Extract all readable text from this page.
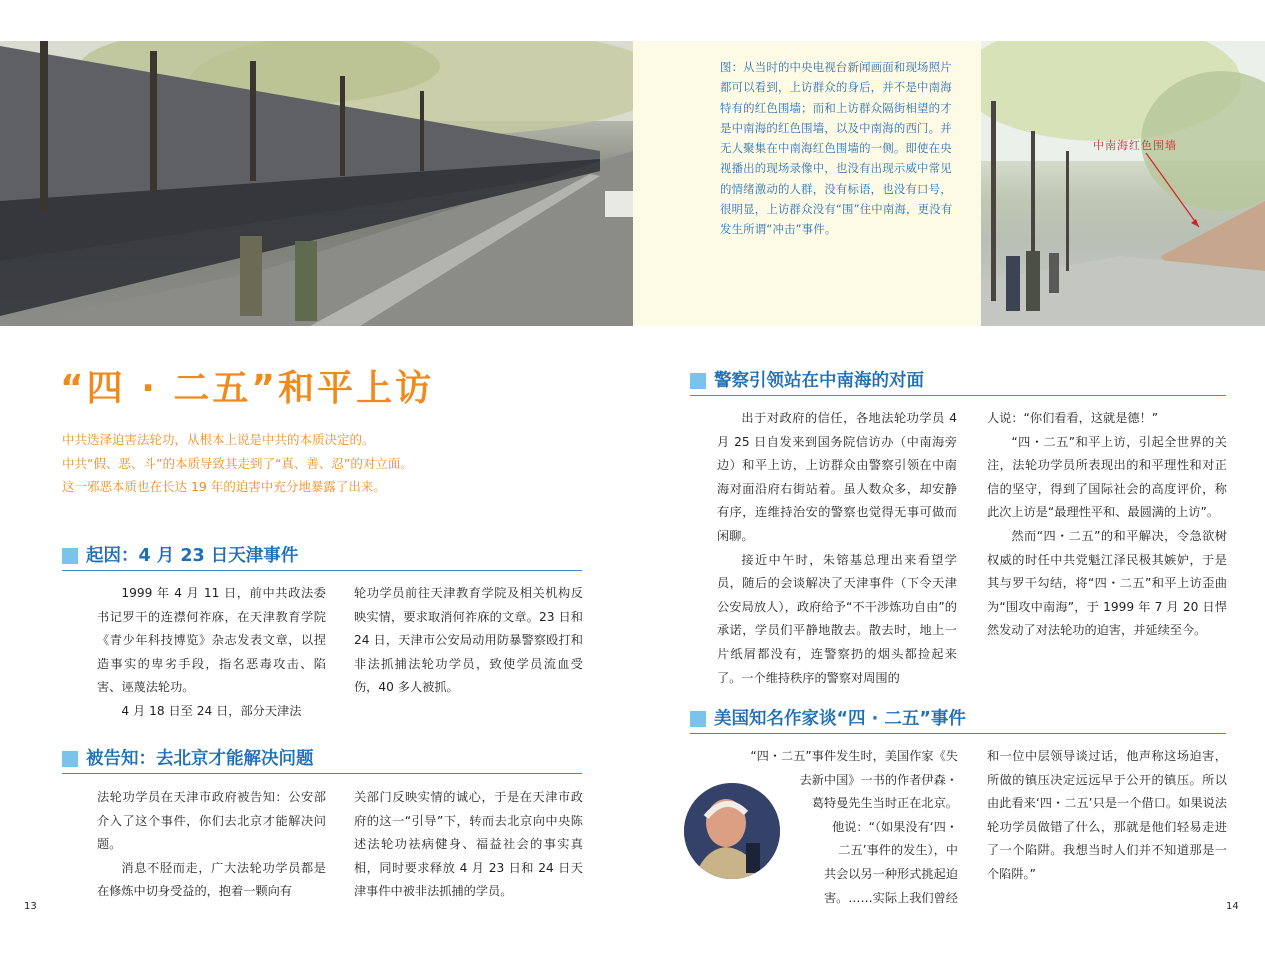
图：从当时的中央电视台新闻画面和现场照片都可以看到，上访群众的身后，并不是中南海特有的红色围墙；而和上访群众隔街相望的才是中南海的红色围墙，以及中南海的西门。并无人聚集在中南海红色围墙的一侧。即使在央视播出的现场录像中，也没有出现示威中常见的情绪激动的人群，没有标语，也没有口号，很明显，上访群众没有“围”住中南海，更没有发生所谓“冲击”事件。
中南海红色围墙
“四 · 二五”和平上访
中共迭泽迫害法轮功，从根本上说是中共的本质决定的。
中共“假、恶、斗”的本质导致其走到了“真、善、忍”的对立面。
这一邪恶本质也在长达 19 年的迫害中充分地暴露了出来。
起因：4 月 23 日天津事件

1999 年 4 月 11 日，前中共政法委书记罗干的连襟何祚庥，在天津教育学院《青少年科技博览》杂志发表文章，以捏造事实的卑劣手段，指名恶毒攻击、陷害、诬蔑法轮功。

4 月 18 日至 24 日，部分天津法

轮功学员前往天津教育学院及相关机构反映实情，要求取消何祚庥的文章。23 日和 24 日，天津市公安局动用防暴警察殴打和非法抓捕法轮功学员，致使学员流血受伤，40 多人被抓。

被告知：去北京才能解决问题

法轮功学员在天津市政府被告知：公安部介入了这个事件，你们去北京才能解决问题。

消息不胫而走，广大法轮功学员都是在修炼中切身受益的，抱着一颗向有

关部门反映实情的诚心，于是在天津市政府的这一“引导”下，转而去北京向中央陈述法轮功祛病健身、福益社会的事实真相，同时要求释放 4 月 23 日和 24 日天津事件中被非法抓捕的学员。

13
警察引领站在中南海的对面

出于对政府的信任，各地法轮功学员 4 月 25 日自发来到国务院信访办（中南海旁边）和平上访，上访群众由警察引领在中南海对面沿府右街站着。虽人数众多，却安静有序，连维持治安的警察也觉得无事可做而闲聊。

接近中午时，朱镕基总理出来看望学员，随后的会谈解决了天津事件（下令天津公安局放人），政府给予“不干涉炼功自由”的承诺，学员们平静地散去。散去时，地上一片纸屑都没有，连警察扔的烟头都捡起来了。一个维持秩序的警察对周围的

人说：“你们看看，这就是德！”

“四・二五”和平上访，引起全世界的关注，法轮功学员所表现出的和平理性和对正信的坚守，得到了国际社会的高度评价，称此次上访是“最理性平和、最圆满的上访”。

然而“四・二五”的和平解决，令急欲树权威的时任中共党魁江泽民极其嫉妒，于是其与罗干勾结，将“四・二五”和平上访歪曲为“围攻中南海”，于 1999 年 7 月 20 日悍然发动了对法轮功的迫害，并延续至今。

美国知名作家谈“四 · 二五”事件
“四・二五”事件发生时，美国作家《失
去新中国》一书的作者伊森・
葛特曼先生当时正在北京。
他说：“（如果没有‘四・
二五’事件的发生），中
共会以另一种形式挑起迫
害。……实际上我们曾经

和一位中层领导谈过话，他声称这场迫害，所做的镇压决定远远早于公开的镇压。所以由此看来‘四・二五’只是一个借口。如果说法轮功学员做错了什么，那就是他们轻易走进了一个陷阱。我想当时人们并不知道那是一个陷阱。”

14
